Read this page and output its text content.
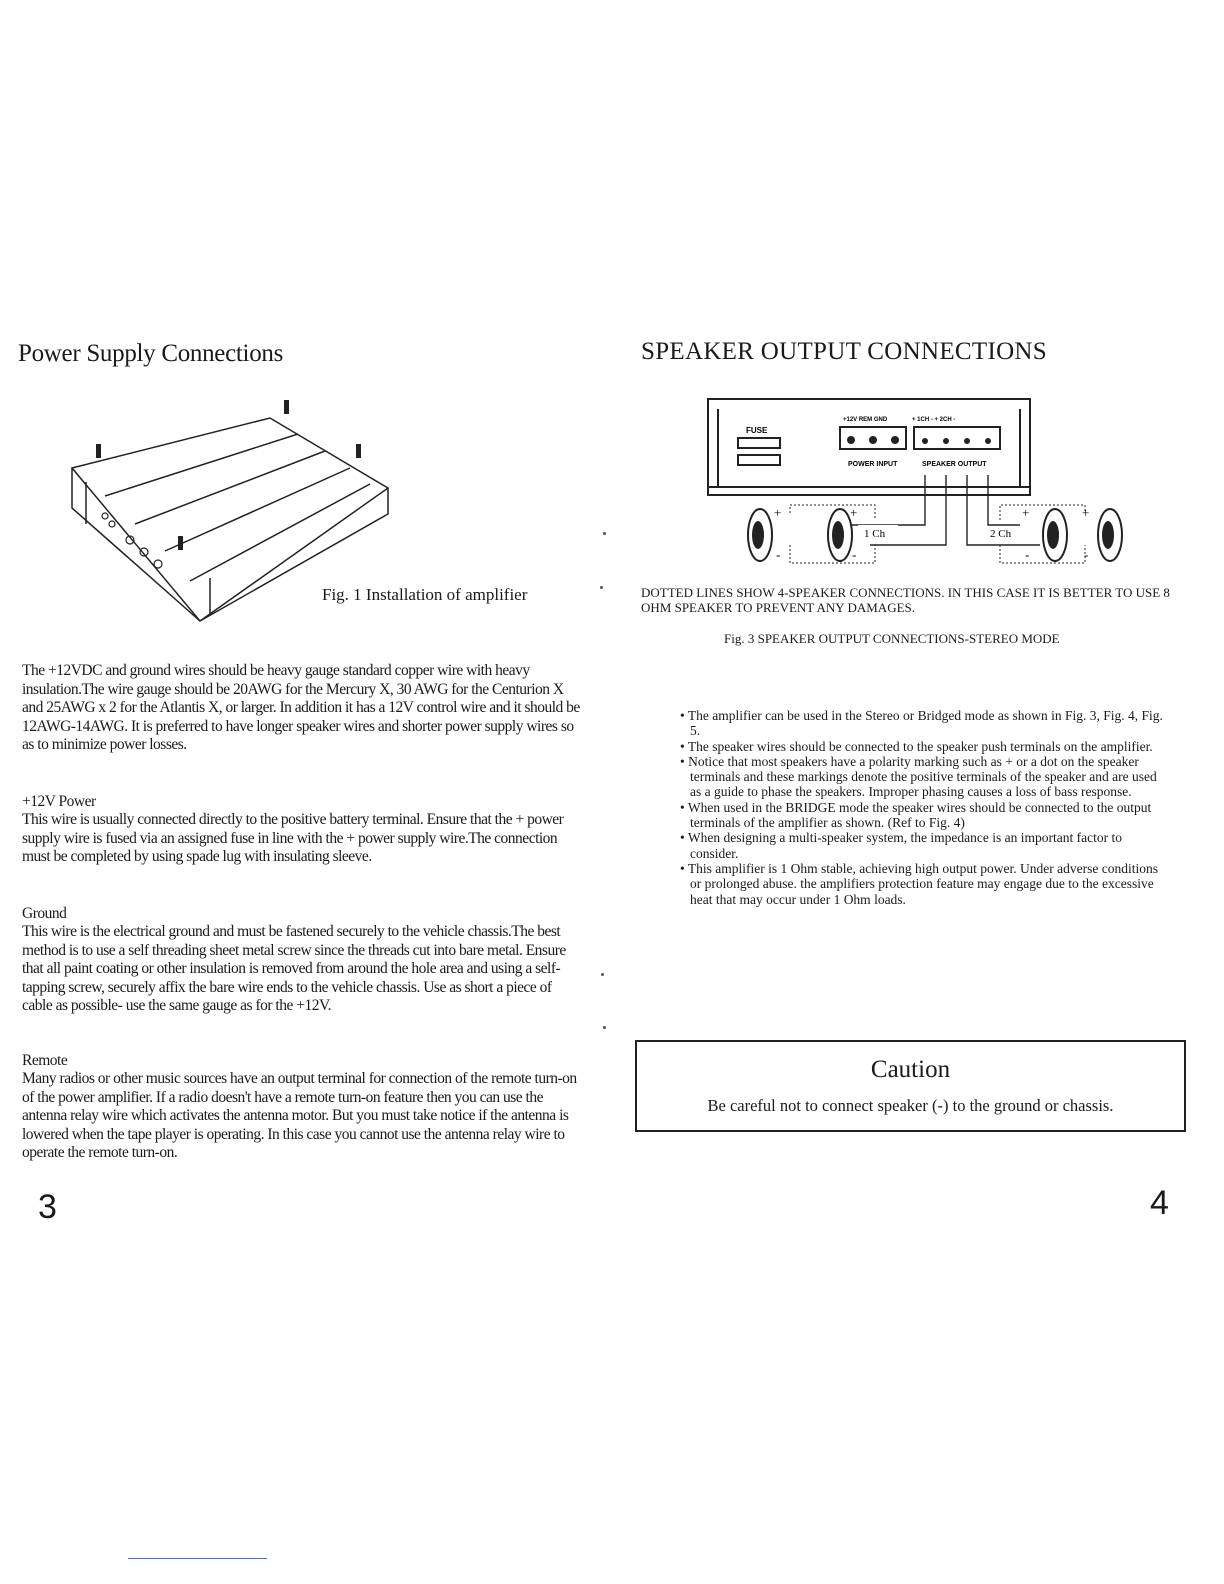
Power Supply Connections
Fig. 1 Installation of amplifier

The +12VDC and ground wires should be heavy gauge standard copper wire with heavy insulation.The wire gauge should be 20AWG for the Mercury X, 30 AWG for the Centurion X and 25AWG x 2 for the Atlantis X, or larger. In addition it has a 12V control wire and it should be 12AWG-14AWG. It is preferred to have longer speaker wires and shorter power supply wires so as to minimize power losses.

+12V Power

This wire is usually connected directly to the positive battery terminal. Ensure that the + power supply wire is fused via an assigned fuse in line with the + power supply wire.The connection must be completed by using spade lug with insulating sleeve.

Ground

This wire is the electrical ground and must be fastened securely to the vehicle chassis.The best method is to use a self threading sheet metal screw since the threads cut into bare metal. Ensure that all paint coating or other insulation is removed from around the hole area and using a self-tapping screw, securely affix the bare wire ends to the vehicle chassis. Use as short a piece of cable as possible- use the same gauge as for the +12V.

Remote

Many radios or other music sources have an output terminal for connection of the remote turn-on of the power amplifier. If a radio doesn't have a remote turn-on feature then you can use the antenna relay wire which activates the antenna motor. But you must take notice if the antenna is lowered when the tape player is operating. In this case you cannot use the antenna relay wire to operate the remote turn-on.

3
SPEAKER OUTPUT CONNECTIONS
FUSE
+12V REM GND	+ 1CH - + 2CH -
POWER INPUT	SPEAKER OUTPUT
1 Ch	2 Ch
+	+	+	+
-	-	-	-
DOTTED LINES SHOW 4-SPEAKER CONNECTIONS. IN THIS CASE IT IS BETTER TO USE 8 OHM SPEAKER TO PREVENT ANY DAMAGES.
Fig. 3 SPEAKER OUTPUT CONNECTIONS-STEREO MODE
• The amplifier can be used in the Stereo or Bridged mode as shown in Fig. 3, Fig. 4, Fig. 5.
• The speaker wires should be connected to the speaker push terminals on the amplifier.
• Notice that most speakers have a polarity marking such as + or a dot on the speaker terminals and these markings denote the positive terminals of the speaker and are used as a guide to phase the speakers. Improper phasing causes a loss of bass response.
• When used in the BRIDGE mode the speaker wires should be connected to the output terminals of the amplifier as shown. (Ref to Fig. 4)
• When designing a multi-speaker system, the impedance is an important factor to consider.
• This amplifier is 1 Ohm stable, achieving high output power. Under adverse conditions or prolonged abuse. the amplifiers protection feature may engage due to the excessive heat that may occur under 1 Ohm loads.
Caution
Be careful not to connect speaker (-) to the ground or chassis.
4
